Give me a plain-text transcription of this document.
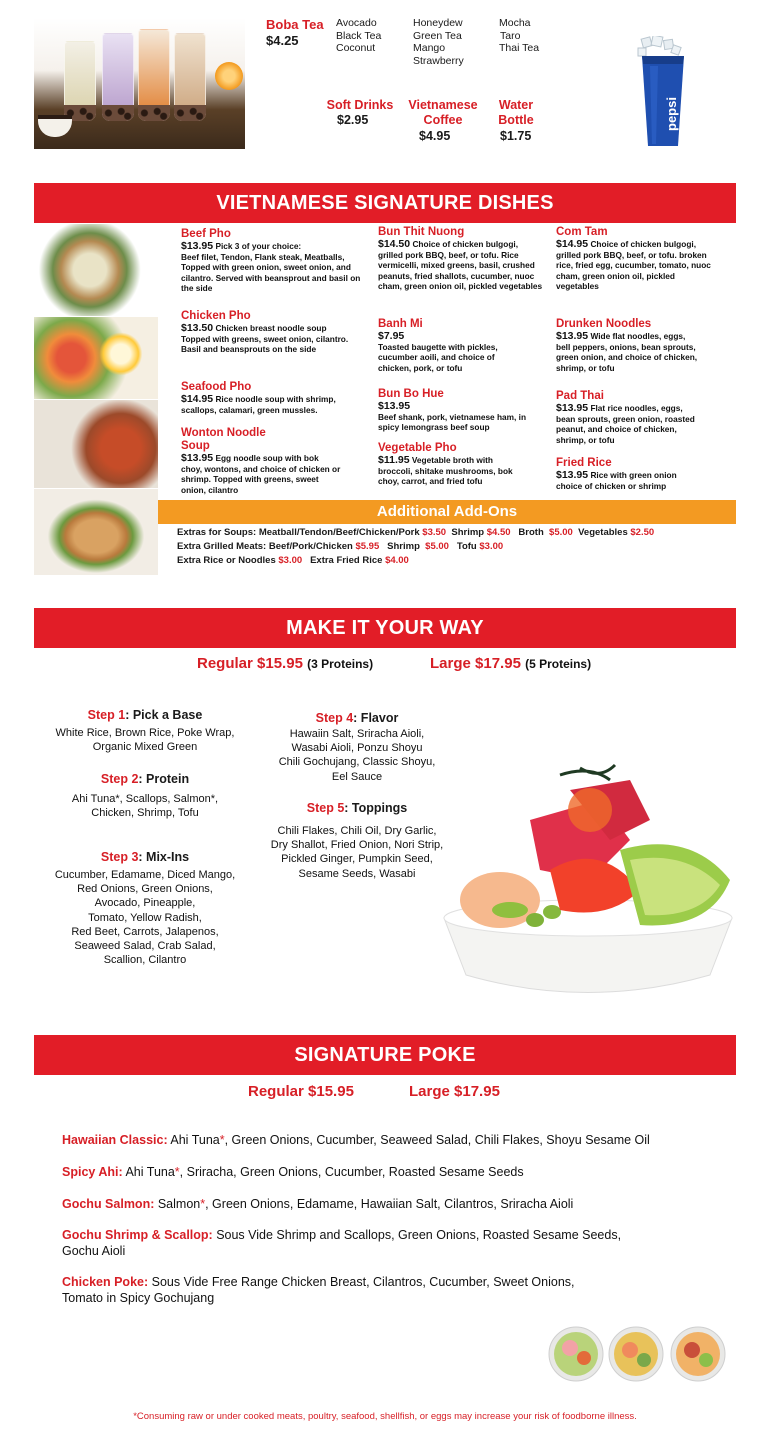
Boba Tea
$4.25
Avocado
Black Tea
Coconut
Honeydew
Green Tea
Mango
Strawberry
Mocha
Taro
Thai Tea
Soft Drinks
$2.95
Vietnamese
Coffee
$4.95
Water
Bottle
$1.75
pepsi
VIETNAMESE SIGNATURE DISHES
Beef Pho

$13.95 Pick 3 of your choice:
Beef filet, Tendon, Flank steak, Meatballs, Topped with green onion, sweet onion, and cilantro. Served with beansprout and basil on the side

Chicken Pho

$13.50 Chicken breast noodle soup
Topped with greens, sweet onion, cilantro. Basil and beansprouts on the side

Seafood Pho

$14.95 Rice noodle soup with shrimp,
scallops, calamari, green mussles.

Wonton Noodle Soup

$13.95 Egg noodle soup with bok
choy, wontons, and choice of chicken or shrimp. Topped with greens, sweet onion, cilantro

Bun Thit Nuong

$14.50 Choice of chicken bulgogi,
grilled pork BBQ, beef, or tofu. Rice vermicelli, mixed greens, basil, crushed peanuts, fried shallots, cucumber, nuoc cham, green onion oil, pickled vegetables

Banh Mi

$7.95
Toasted baugette with pickles, cucumber aoili, and choice of chicken, pork, or tofu

Bun Bo Hue

$13.95
Beef shank, pork, vietnamese ham, in spicy lemongrass beef soup

Vegetable Pho

$11.95 Vegetable broth with
broccoli, shitake mushrooms, bok choy, carrot, and fried tofu

Com Tam

$14.95 Choice of chicken bulgogi,
grilled pork BBQ, beef, or tofu. broken rice, fried egg, cucumber, tomato, nuoc cham, green onion oil, pickled vegetables

Drunken Noodles

$13.95 Wide flat noodles, eggs,
bell peppers, onions, bean sprouts, green onion, and choice of chicken, shrimp, or tofu

Pad Thai

$13.95 Flat rice noodles, eggs,
bean sprouts, green onion, roasted peanut, and choice of chicken, shrimp, or tofu

Fried Rice

$13.95 Rice with green onion
choice of chicken or shrimp

Additional Add-Ons
Extras for Soups: Meatball/Tendon/Beef/Chicken/Pork $3.50  Shrimp $4.50   Broth  $5.00  Vegetables $2.50
Extra Grilled Meats: Beef/Pork/Chicken $5.95   Shrimp  $5.00   Tofu $3.00
Extra Rice or Noodles $3.00   Extra Fried Rice $4.00
MAKE IT YOUR WAY
Regular $15.95 (3 Proteins)	Large $17.95 (5 Proteins)
Step 1: Pick a Base
White Rice, Brown Rice, Poke Wrap,
Organic Mixed Green
Step 2: Protein
Ahi Tuna*, Scallops, Salmon*,
Chicken, Shrimp, Tofu
Step 3: Mix-Ins
Cucumber, Edamame, Diced Mango,
Red Onions, Green Onions,
Avocado, Pineapple,
Tomato, Yellow Radish,
Red Beet, Carrots, Jalapenos,
Seaweed Salad, Crab Salad,
Scallion, Cilantro
Step 4: Flavor
Hawaiin Salt, Sriracha Aioli,
Wasabi Aioli, Ponzu Shoyu
Chili Gochujang, Classic Shoyu,
Eel Sauce
Step 5: Toppings
Chili Flakes, Chili Oil, Dry Garlic,
Dry Shallot, Fried Onion, Nori Strip,
Pickled Ginger, Pumpkin Seed,
Sesame Seeds, Wasabi
SIGNATURE POKE
Regular $15.95	Large $17.95
Hawaiian Classic: Ahi Tuna*, Green Onions, Cucumber, Seaweed Salad, Chili Flakes, Shoyu Sesame Oil
Spicy Ahi: Ahi Tuna*, Sriracha, Green Onions, Cucumber, Roasted Sesame Seeds
Gochu Salmon: Salmon*, Green Onions, Edamame, Hawaiian Salt, Cilantros, Sriracha Aioli
Gochu Shrimp & Scallop: Sous Vide Shrimp and Scallops, Green Onions, Roasted Sesame Seeds,
Gochu Aioli
Chicken Poke: Sous Vide Free Range Chicken Breast, Cilantros, Cucumber, Sweet Onions,
Tomato in Spicy Gochujang
*Consuming raw or under cooked meats, poultry, seafood, shellfish, or eggs may increase your risk of foodborne illness.
